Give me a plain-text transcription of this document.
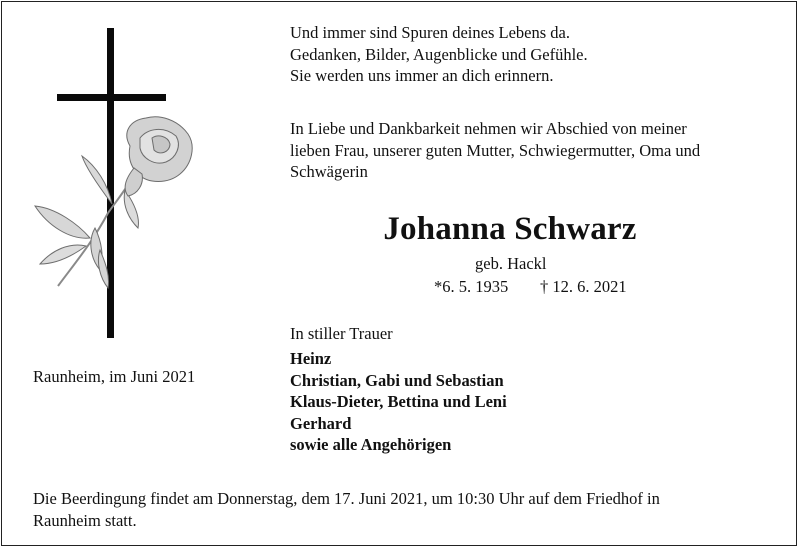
Und immer sind Spuren deines Lebens da.
Gedanken, Bilder, Augenblicke und Gefühle.
Sie werden uns immer an dich erinnern.
In Liebe und Dankbarkeit nehmen wir Abschied von meiner
lieben Frau, unserer guten Mutter, Schwiegermutter, Oma und
Schwägerin
Johanna Schwarz
geb. Hackl
*6. 5. 1935 † 12. 6. 2021
In stiller Trauer
Heinz
Christian, Gabi und Sebastian
Klaus-Dieter, Bettina und Leni
Gerhard
sowie alle Angehörigen
Raunheim, im Juni 2021
Die Beerdingung findet am Donnerstag, dem 17. Juni 2021, um 10:30 Uhr auf dem Friedhof in
Raunheim statt.
